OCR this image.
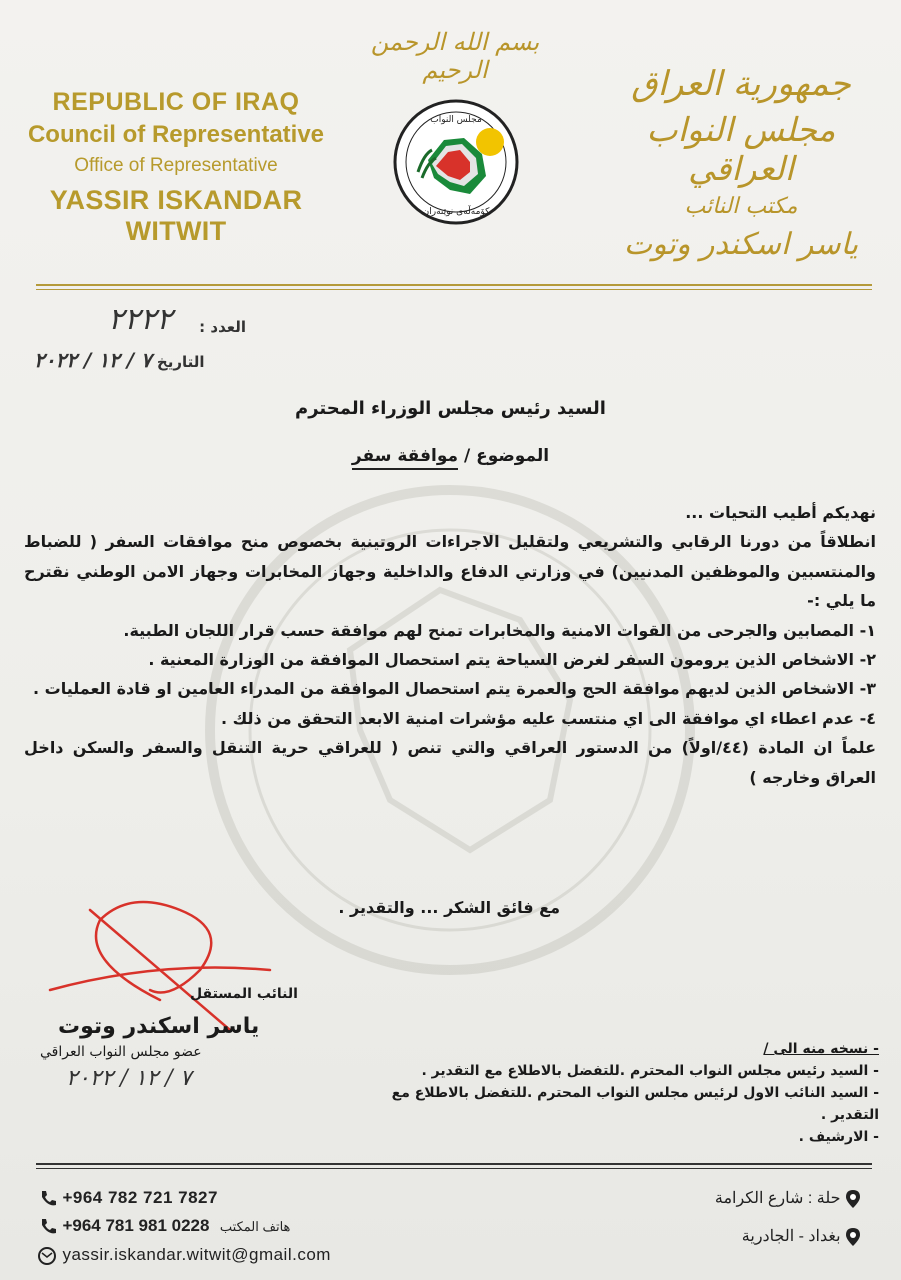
بسم الله الرحمن الرحيم
REPUBLIC OF IRAQ
Council of Representative
Office of Representative
YASSIR ISKANDAR WITWIT
جمهورية العراق
مجلس النواب العراقي
مكتب النائب
ياسر اسكندر وتوت
مجلس النواب
كۆمەڵەی نوێنەران
العدد :
٢٢٢٢
التاريخ ٧ / ١٢ / ٢٠٢٢
السيد رئيس مجلس الوزراء المحترم
الموضوع / موافقة سفر

نهديكم أطيب التحيات ...

انطلاقاً من دورنا الرقابي والتشريعي ولتقليل الاجراءات الروتينية بخصوص منح موافقات السفر ( للضباط والمنتسبين والموظفين المدنيين) في وزارتي الدفاع والداخلية وجهاز المخابرات وجهاز الامن الوطني نقترح ما يلي :-

١- المصابين والجرحى من القوات الامنية والمخابرات تمنح لهم موافقة حسب قرار اللجان الطبية.

٢- الاشخاص الذين يرومون السفر لغرض السياحة يتم استحصال الموافقة من الوزارة المعنية .

٣- الاشخاص الذين لديهم موافقة الحج والعمرة يتم استحصال الموافقة من المدراء العامين او قادة العمليات .

٤- عدم اعطاء اي موافقة الى اي منتسب عليه مؤشرات امنية الابعد التحقق من ذلك .

علماً ان المادة (٤٤/اولاً) من الدستور العراقي والتي تنص ( للعراقي حرية التنقل والسفر والسكن داخل العراق وخارجه )

مع فائق الشكر ... والتقدير .
النائب المستقل
ياسر اسكندر وتوت
عضو مجلس النواب العراقي
٧ / ١٢ / ٢٠٢٢

- نسخه منه الى /

- السيد رئيس مجلس النواب المحترم .للتفضل بالاطلاع مع التقدير .

- السيد النائب الاول لرئيس مجلس النواب المحترم .للتفضل بالاطلاع مع التقدير .

- الارشيف .

+964 782 721 7827
+964 781 981 0228 هاتف المكتب
yassir.iskandar.witwit@gmail.com
حلة : شارع الكرامة
بغداد - الجادرية
